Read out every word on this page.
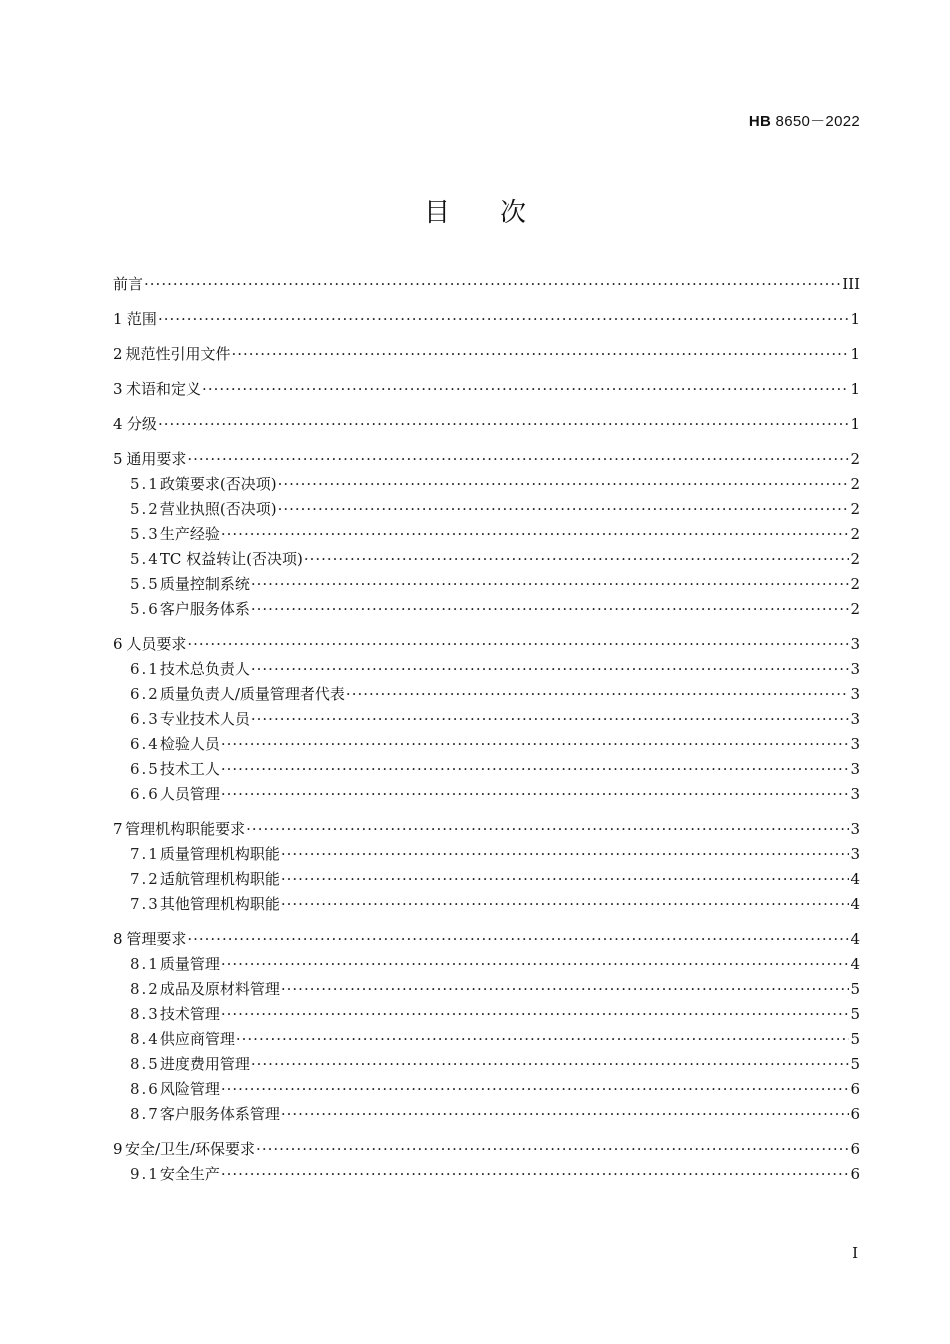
HB 8650－2022
目次
前言 ·····	III
1 范围 ·····	1
2 规范性引用文件 ·····	1
3 术语和定义 ·····	1
4 分级 ·····	1
5 通用要求 ·····	2
5.1 政策要求(否决项) ·····	2
5.2 营业执照(否决项) ·····	2
5.3 生产经验 ·····	2
5.4 TC 权益转让(否决项) ·····	2
5.5 质量控制系统 ·····	2
5.6 客户服务体系 ·····	2
6 人员要求 ·····	3
6.1 技术总负责人 ·····	3
6.2 质量负责人/质量管理者代表 ·····	3
6.3 专业技术人员 ·····	3
6.4 检验人员 ·····	3
6.5 技术工人 ·····	3
6.6 人员管理 ·····	3
7 管理机构职能要求 ·····	3
7.1 质量管理机构职能 ·····	3
7.2 适航管理机构职能 ·····	4
7.3 其他管理机构职能 ·····	4
8 管理要求 ·····	4
8.1 质量管理 ·····	4
8.2 成品及原材料管理 ·····	5
8.3 技术管理 ·····	5
8.4 供应商管理 ·····	5
8.5 进度费用管理 ·····	5
8.6 风险管理 ·····	6
8.7 客户服务体系管理 ·····	6
9 安全/卫生/环保要求 ·····	6
9.1 安全生产 ·····	6
I
